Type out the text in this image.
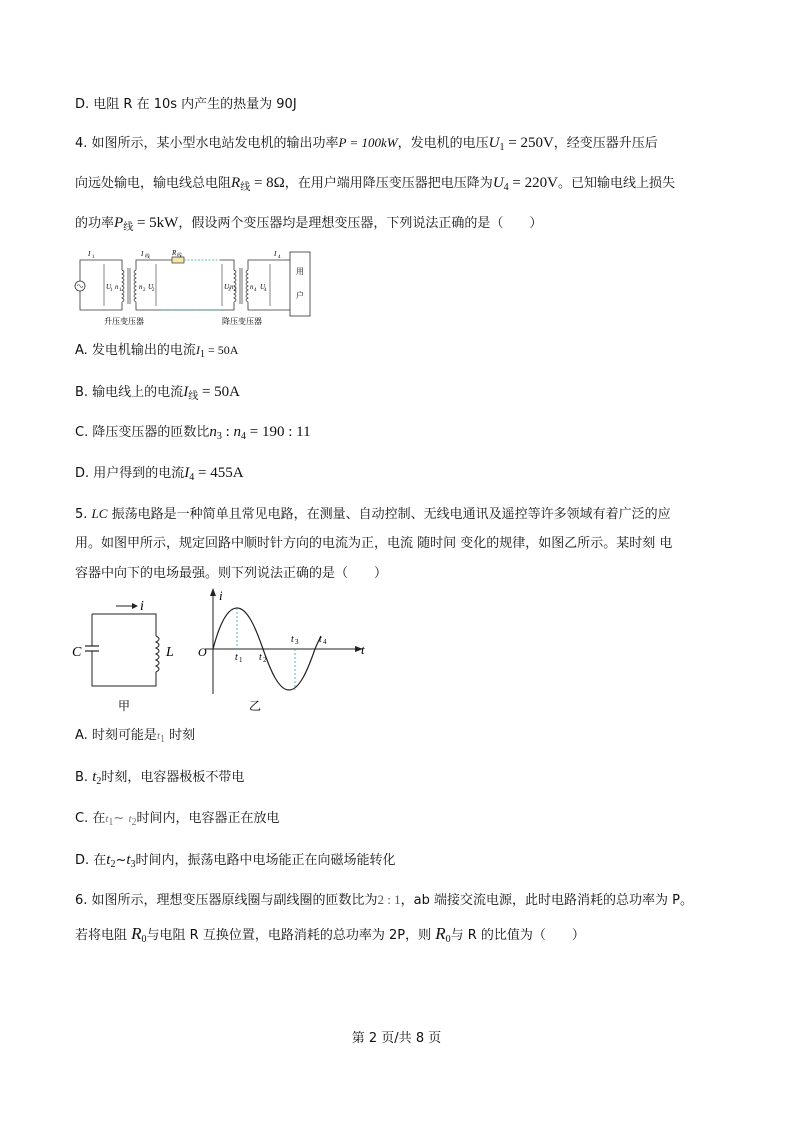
D. 电阻 R 在 10s 内产生的热量为 90J
4. 如图所示，某小型水电站发电机的输出功率P = 100kW，发电机的电压$U_1 = 250V$，经变压器升压后
向远处输电，输电线总电阻$R_线 = 8\Omega$，在用户端用降压变压器把电压降为$U_4 = 220V$。已知输电线上损失
的功率$P_线 = 5kW$，假设两个变压器均是理想变压器，下列说法正确的是（　　）
I 1	I 线
R 线	I 4
U
1 n 1	n 2 U
2	U
3 n 3 n 4 U
4
用
户
升压变压器	降压变压器
A. 发电机输出的电流$I_1 = 50A$
B. 输电线上的电流$I_线 = 50A$
C. 降压变压器的匝数比$n_3$ : $n_4 = 190$ : 11
D. 用户得到的电流$I_4 = 455A$
5. LC 振荡电路是一种简单且常见电路，在测量、自动控制、无线电通讯及遥控等许多领域有着广泛的应
用。如图甲所示，规定回路中顺时针方向的电流为正，电流 随时间 变化的规律，如图乙所示。某时刻 电
容器中向下的电场最强。则下列说法正确的是（　　）
i
C	L
甲
i
t
O	t 1 t 2
t 3 t 4
乙
A. 时刻可能是$t_1$ 时刻
B. $t_2$时刻，电容器极板不带电
C. 在$t_1\sim$ $t_2$时间内，电容器正在放电
D. 在$t_2\sim t_3$时间内，振荡电路中电场能正在向磁场能转化
6. 如图所示，理想变压器原线圈与副线圈的匝数比为2 : 1，ab 端接交流电源，此时电路消耗的总功率为 P。
若将电阻 $R_0$与电阻 R 互换位置，电路消耗的总功率为 2P，则 $R_0$与 R 的比值为（　　）
第 2 页/共 8 页
